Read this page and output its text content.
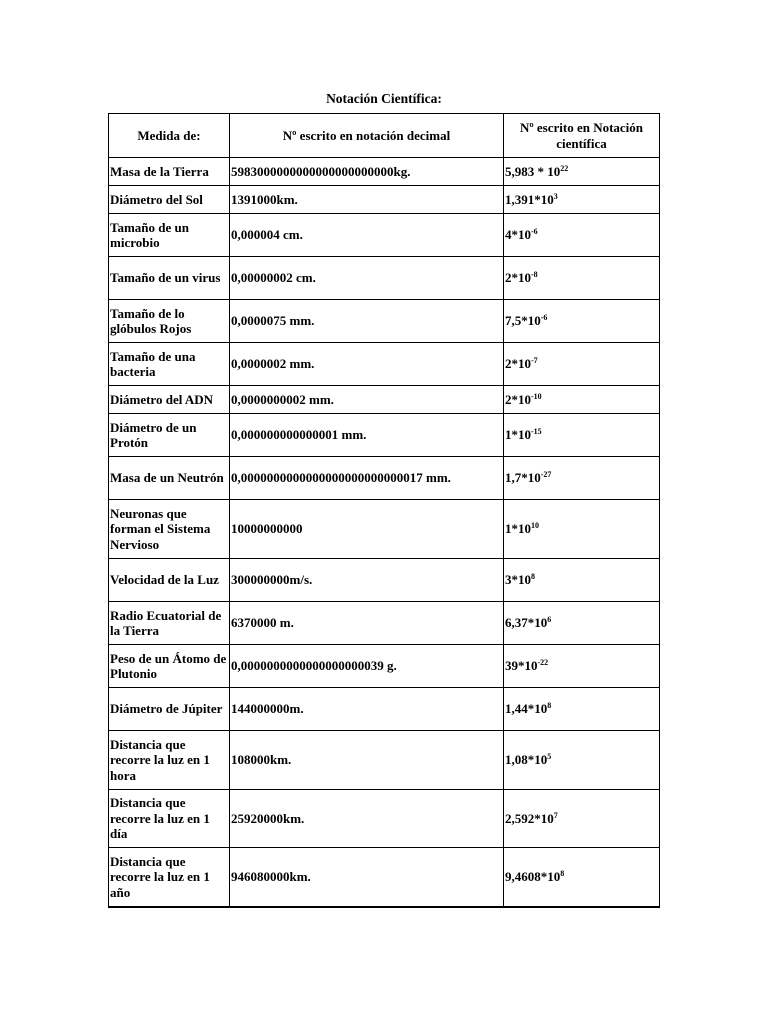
Notación Científica:
Medida de:	Nº escrito en notación decimal	Nº escrito en Notación científica
Masa de la Tierra	5983000000000000000000000kg.	$5,983 * 10^{22}$
Diámetro del Sol	1391000km.	$1,391*10^3$
Tamaño de un microbio	0,000004 cm.	$4*10^{-6}$
Tamaño de un virus	0,00000002 cm.	$2*10^{-8}$
Tamaño de lo glóbulos Rojos	0,0000075 mm.	$7,5*10^{-6}$
Tamaño de una bacteria	0,0000002 mm.	$2*10^{-7}$
Diámetro del ADN	0,0000000002 mm.	$2*10^{-10}$
Diámetro de un Protón	0,000000000000001 mm.	$1*10^{-15}$
Masa de un Neutrón	0,0000000000000000000000000017 mm.	$1,7*10^{-27}$
Neuronas que forman el Sistema Nervioso	10000000000	$1*10^{10}$
Velocidad de la Luz	300000000m/s.	$3*10^8$
Radio Ecuatorial de la Tierra	6370000 m.	$6,37*10^6$
Peso de un Átomo de Plutonio	0,0000000000000000000039 g.	$39*10^{-22}$
Diámetro de Júpiter	144000000m.	$1,44*10^8$
Distancia que recorre la luz en 1 hora	108000km.	$1,08*10^5$
Distancia que recorre la luz en 1 día	25920000km.	$2,592*10^7$
Distancia que recorre la luz en 1 año	946080000km.	$9,4608*10^8$
